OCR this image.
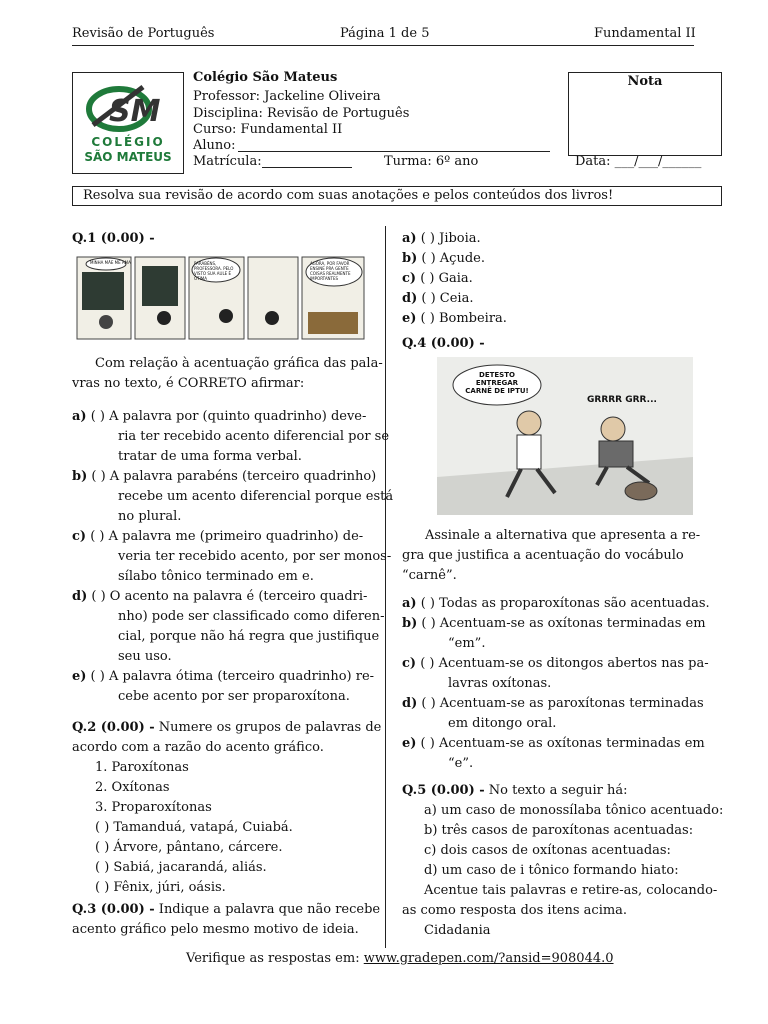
Revisão de Português	Página 1 de 5	Fundamental II
SM
COLÉGIO
SÃO MATEUS
Colégio São Mateus
Professor: Jackeline Oliveira
Disciplina: Revisão de Português
Curso: Fundamental II
Aluno:
Matrícula:	Turma: 6º ano	Data: ___/___/______
Nota
Resolva sua revisão de acordo com suas anotações e pelos conteúdos dos livros!
Q.1 (0.00) -
Com relação à acentuação gráfica das pala-
vras no texto, é CORRETO afirmar:
a) ( ) A palavra por (quinto quadrinho) deve-
ria ter recebido acento diferencial por se
tratar de uma forma verbal.
b) ( ) A palavra parabéns (terceiro quadrinho)
recebe um acento diferencial porque está
no plural.
c) ( ) A palavra me (primeiro quadrinho) de-
veria ter recebido acento, por ser monos-
sílabo tônico terminado em e.
d) ( ) O acento na palavra é (terceiro quadri-
nho) pode ser classificado como diferen-
cial, porque não há regra que justifique
seu uso.
e) ( ) A palavra ótima (terceiro quadrinho) re-
cebe acento por ser proparoxítona.
Q.2 (0.00) - Numere os grupos de palavras de
acordo com a razão do acento gráfico.
1. Paroxítonas
2. Oxítonas
3. Proparoxítonas
( ) Tamanduá, vatapá, Cuiabá.
( ) Árvore, pântano, cárcere.
( ) Sabiá, jacarandá, aliás.
( ) Fênix, júri, oásis.
Q.3 (0.00) - Indique a palavra que não recebe
acento gráfico pelo mesmo motivo de ideia.
MINHA MÃE ME AMA	PARABÉNS, PROFESSORA. PELO VISTO SUA AULE É ÓTIMA
AGORA, POR FAVOR ENSINE PRA GENTE COISAS REALMENTE IMPORTANTES
a) ( ) Jiboia.
b) ( ) Açude.
c) ( ) Gaia.
d) ( ) Ceia.
e) ( ) Bombeira.
Q.4 (0.00) -
Assinale a alternativa que apresenta a re-
gra que justifica a acentuação do vocábulo
“carnê”.
a) ( ) Todas as proparoxítonas são acentuadas.
b) ( ) Acentuam-se as oxítonas terminadas em
“em”.
c) ( ) Acentuam-se os ditongos abertos nas pa-
lavras oxítonas.
d) ( ) Acentuam-se as paroxítonas terminadas
em ditongo oral.
e) ( ) Acentuam-se as oxítonas terminadas em
“e”.
Q.5 (0.00) - No texto a seguir há:
a) um caso de monossílaba tônico acentuado:
b) três casos de paroxítonas acentuadas:
c) dois casos de oxítonas acentuadas:
d) um caso de i tônico formando hiato:
Acentue tais palavras e retire-as, colocando-
as como resposta dos itens acima.
Cidadania
DETESTO ENTREGAR CARNÊ DE IPTU!
GRRRR GRR...
Verifique as respostas em: www.gradepen.com/?ansid=908044.0
